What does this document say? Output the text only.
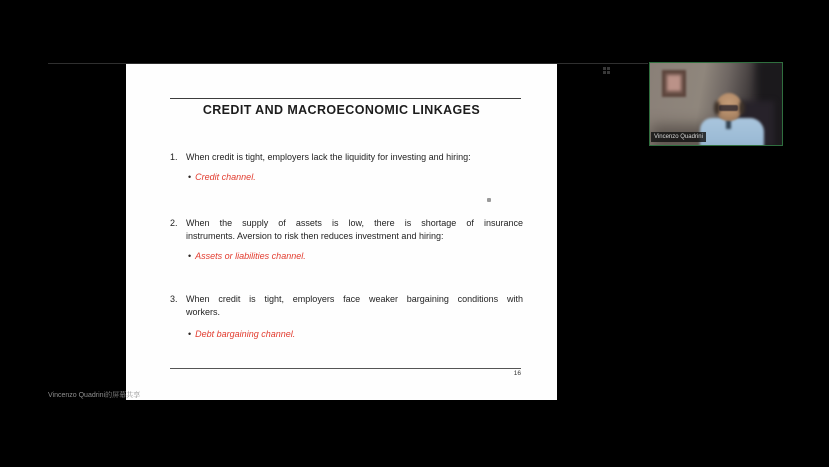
CREDIT AND MACROECONOMIC LINKAGES
1. When credit is tight, employers lack the liquidity for investing and hiring:
• Credit channel.
2. When the supply of assets is low, there is shortage of insurance
instruments. Aversion to risk then reduces investment and hiring:
• Assets or liabilities channel.
3. When credit is tight, employers face weaker bargaining conditions with
workers.
• Debt bargaining channel.
16
Vincenzo Quadrini
Vincenzo Quadrini的屏幕共享
